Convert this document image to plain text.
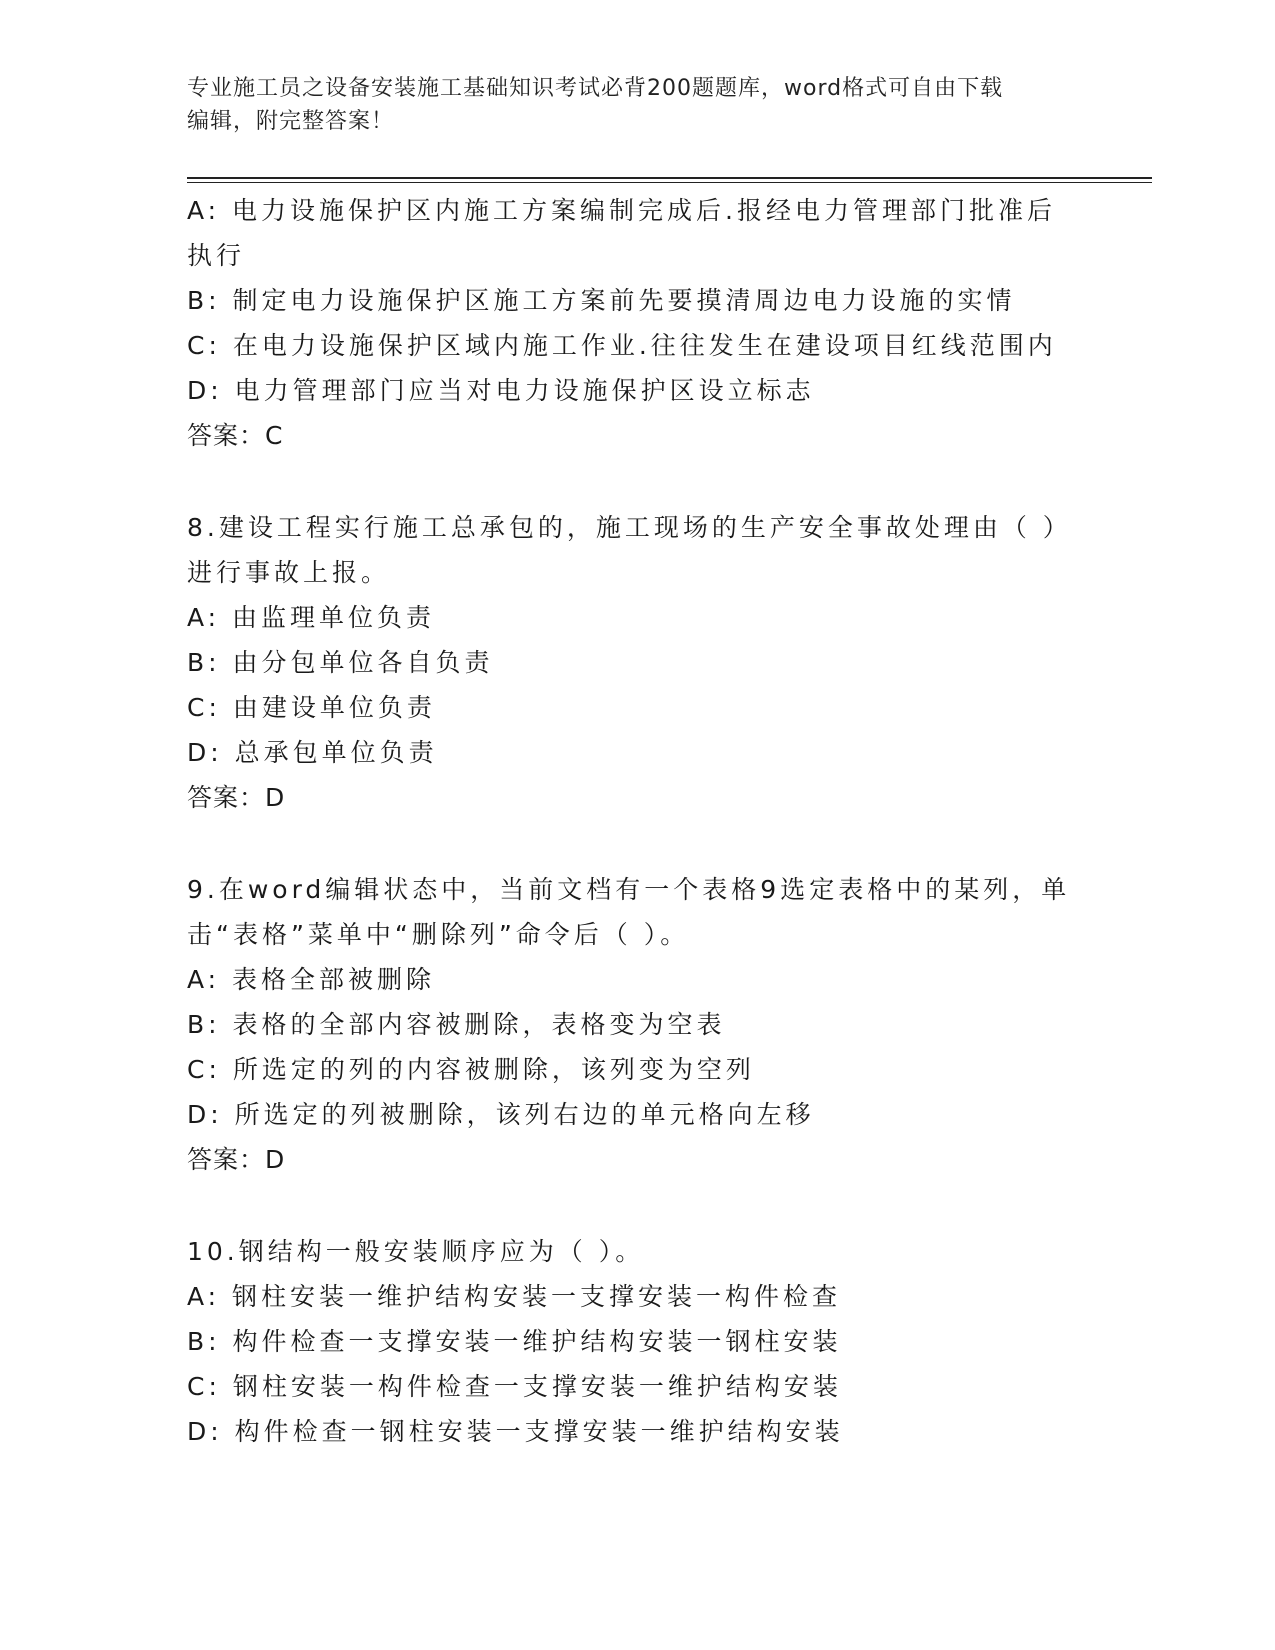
专业施工员之设备安装施工基础知识考试必背200题题库，word格式可自由下载
编辑，附完整答案！
A: 电力设施保护区内施工方案编制完成后.报经电力管理部门批准后
执行
B: 制定电力设施保护区施工方案前先要摸清周边电力设施的实情
C: 在电力设施保护区域内施工作业.往往发生在建设项目红线范围内
D: 电力管理部门应当对电力设施保护区设立标志
答案：C
8.建设工程实行施工总承包的，施工现场的生产安全事故处理由（ ）
进行事故上报。
A: 由监理单位负责
B: 由分包单位各自负责
C: 由建设单位负责
D: 总承包单位负责
答案：D
9.在word编辑状态中，当前文档有一个表格9选定表格中的某列，单
击“表格”菜单中“删除列”命令后（ ）。
A: 表格全部被删除
B: 表格的全部内容被删除，表格变为空表
C: 所选定的列的内容被删除，该列变为空列
D: 所选定的列被删除，该列右边的单元格向左移
答案：D
10.钢结构一般安装顺序应为（ ）。
A: 钢柱安装一维护结构安装一支撑安装一构件检查
B: 构件检查一支撑安装一维护结构安装一钢柱安装
C: 钢柱安装一构件检查一支撑安装一维护结构安装
D: 构件检查一钢柱安装一支撑安装一维护结构安装
